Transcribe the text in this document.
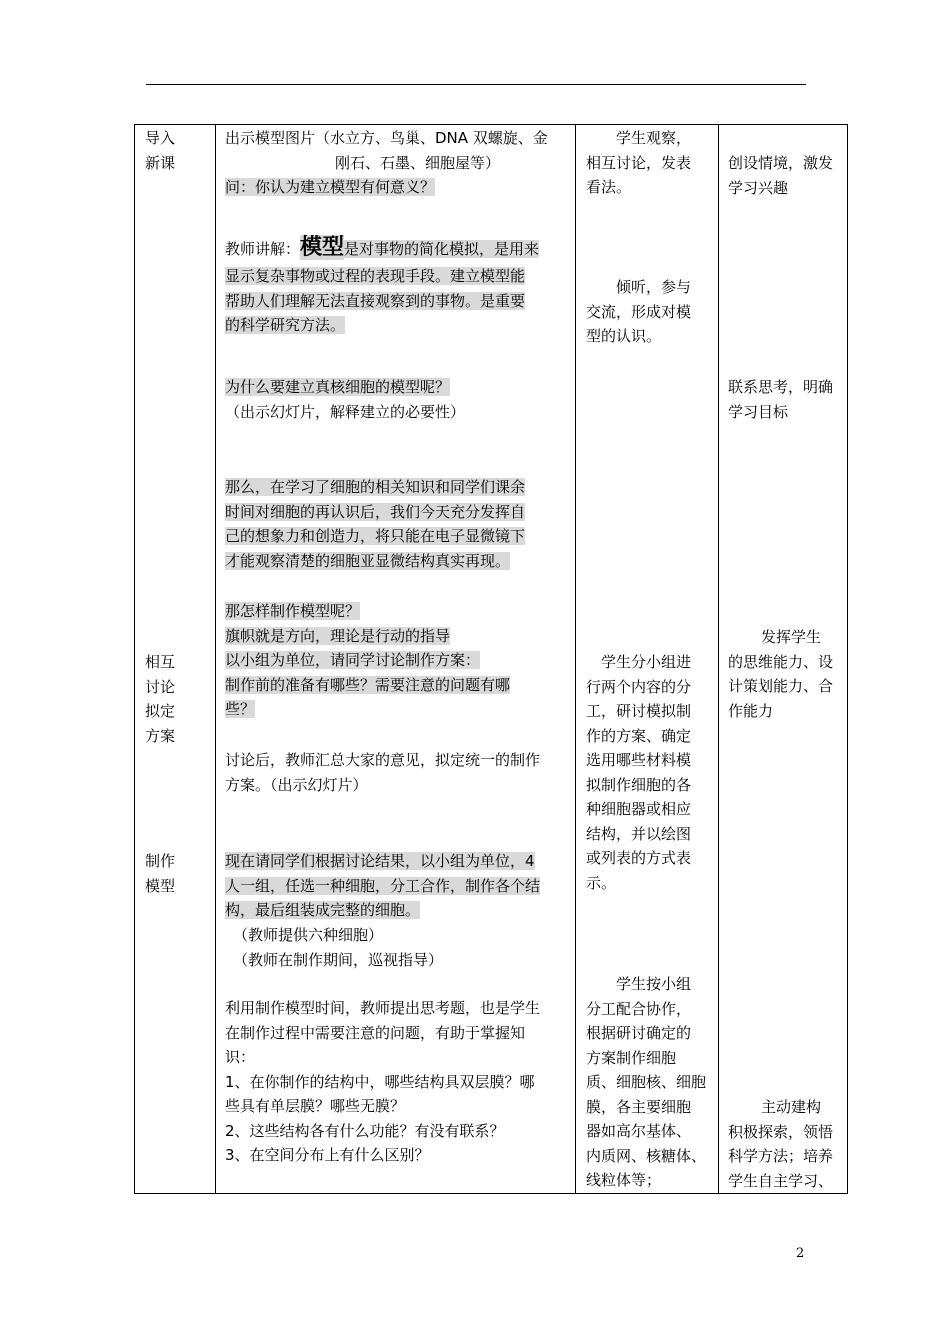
导入
新课
相互
讨论
拟定
方案
制作
模型
出示模型图片（水立方、鸟巢、DNA 双螺旋、金
刚石、石墨、细胞屋等）
问：你认为建立模型有何意义？
教师讲解：模型是对事物的简化模拟，是用来
显示复杂事物或过程的表现手段。建立模型能
帮助人们理解无法直接观察到的事物。是重要
的科学研究方法。
为什么要建立真核细胞的模型呢？
（出示幻灯片，解释建立的必要性）
那么，在学习了细胞的相关知识和同学们课余
时间对细胞的再认识后，我们今天充分发挥自
己的想象力和创造力，将只能在电子显微镜下
才能观察清楚的细胞亚显微结构真实再现。
那怎样制作模型呢？
旗帜就是方向，理论是行动的指导
以小组为单位，请同学讨论制作方案：
制作前的准备有哪些？需要注意的问题有哪
些？
讨论后，教师汇总大家的意见，拟定统一的制作
方案。（出示幻灯片）
现在请同学们根据讨论结果，以小组为单位，4
人一组，任选一种细胞，分工合作，制作各个结
构，最后组装成完整的细胞。
（教师提供六种细胞）
（教师在制作期间，巡视指导）
利用制作模型时间，教师提出思考题，也是学生
在制作过程中需要注意的问题，有助于掌握知
识：
1、在你制作的结构中，哪些结构具双层膜？哪
些具有单层膜？哪些无膜？
2、这些结构各有什么功能？有没有联系？
3、在空间分布上有什么区别？
学生观察，
相互讨论，发表
看法。
倾听，参与
交流，形成对模
型的认识。
学生分小组进
行两个内容的分
工，研讨模拟制
作的方案、确定
选用哪些材料模
拟制作细胞的各
种细胞器或相应
结构，并以绘图
或列表的方式表
示。
学生按小组
分工配合协作，
根据研讨确定的
方案制作细胞
质、细胞核、细胞
膜，各主要细胞
器如高尔基体、
内质网、核糖体、
线粒体等；
创设情境，激发
学习兴趣
联系思考，明确
学习目标
发挥学生
的思维能力、设
计策划能力、合
作能力
主动建构
积极探索，领悟
科学方法；培养
学生自主学习、
2
